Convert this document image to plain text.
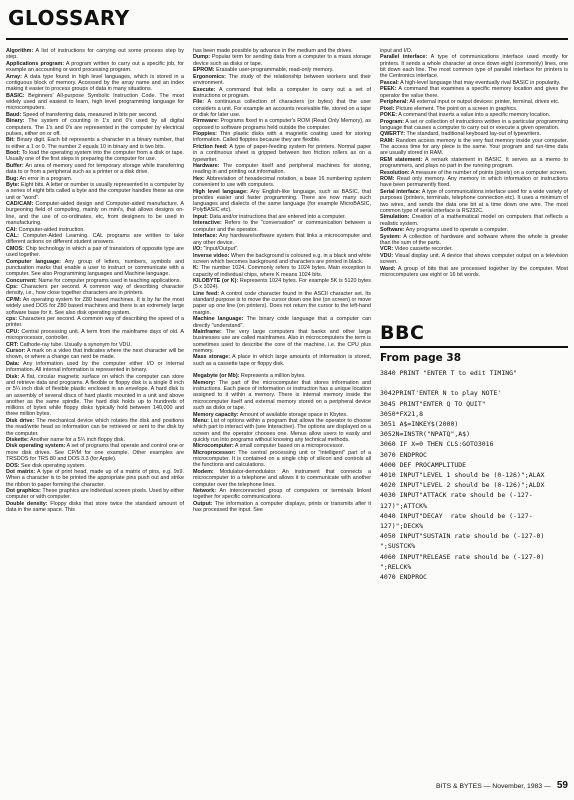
GLOSSARY
Algorithm: A list of instructions for carrying out some process step by step.
Applications program: A program written to carry out a specific job, for example an accounting or word processing program.
Array: A data type found in high level languages, which is stored in a contiguous block of memory. Accessed by the array name and an index making it easier to process groups of data in many situations.
BASIC: Beginners' All-purpose Symbolic Instruction Code. The most widely used and easiest to learn, high level programming language for microcomputers.
Baud: Speed of transferring data, measured in bits per second.
Binary: The system of counting in 1's and 0's used by all digital computers. The 1's and 0's are represented in the computer by electrical pulses, either on or off.
Bit: Binary digit. Each bit represents a character in a binary number, that is either a 1 or 0. The number 2 equals 10 in binary and is two bits.
Boot: To load the operating system into the computer from a disk or tape. Usually one of the first steps in preparing the computer for use.
Buffer: An area of memory used for temporary storage while transferring data to or from a peripheral such as a printer or a disk drive.
Bug: An error in a program.
Byte: Eight bits. A letter or number is usually represented in a computer by a series of eight bits called a byte and the computer handles these as one unit or "word".
CAD/CAM: Computer-aided design and Computer-aided manufacture. A burgeoning field of computing, mainly on mini's, that allows designs on-line, and the use of co-ordinates, etc, from designers to be used in manufacturing.
CAI: Computer-aided instruction.
CAL: Computer-Aided Learning. CAL programs are written to take different actions on different student answers.
CMOS: Chip technology in which a pair of transistors of opposite type are used together.
Computer language: Any group of letters, numbers, symbols and punctuation marks that enable a user to instruct or communicate with a computer. See also Programming languages and Machine language.
Concurrent: Name for computer programs used in teaching applications.
Cps: Characters per second. A common way of describing character density, i.e., how close together characters are in printers.
CP/M: An operating system for Z80 based machines. It is by far the most widely used DOS for Z80 based machines and there is an extremely large software base for it. See also disk operating system.
cps: Characters per second. A common way of describing the speed of a printer.
CPU: Central processing unit. A term from the mainframe days of old. A microprocessor, controller.
CRT: Cathode-ray tube. Usually a synonym for VDU.
Cursor: A mark on a video that indicates where the next character will be shown, or where a change can next be made.
Data: Any information used by the computer either I/O or internal information. All internal information is represented in binary.
Disk: A flat, circular magnetic surface on which the computer can store and retrieve data and programs. A flexible or floppy disk is a single 8 inch or 5¼ inch disk of flexible plastic enclosed in an envelope. A hard disk is an assembly of several discs of hard plastic mounted in a unit and above another as the same spindle. The hard disk holds up to hundreds of millions of bytes while floppy disks typically hold between 140,000 and three million bytes.
Disk drive: The mechanical device which rotates the disk and positions the read/write head so information can be retrieved or sent to the disk by the computer.
Diskette: Another name for a 5¼ inch floppy disk.
Disk operating system: A set of programs that operate and control one or more disk drives. See CP/M for one example. Other examples are TRSDOS for TRS 80 and DOS 3.3 (for Apple).
DOS: See disk operating system.
Dot matrix: A type of print head, made up of a matrix of pins, e.g. 9x9. When a character is to be printed the appropriate pins push out and strike the ribbon to paper forming the character.
Dot graphics: These graphics are individual screen pixels. Used by either computer or with computer.
Double density: Floppy disks that store twice the standard amount of data in the same space. This
has been made possible by advance in the medium and the drives.
Dump: Popular term for sending data from a computer to a mass storage device such as disks or tape.
EPROM: Erasable user-programmable, read-only memory.
Ergonomics: The study of the relationship between workers and their environment.
Execute: A command that tells a computer to carry out a set of instructions or program.
File: A continuous collection of characters (or bytes) that the user considers a unit. For example an accounts receivable file, stored on a tape or disk for later use.
Firmware: Programs fixed in a computer's ROM (Read Only Memory), as opposed to software programs held outside the computer.
Floppies: Thin plastic disks with a magnetic coating used for storing information. Called floppies because they are flexible.
Friction feed: A type of paper-feeding system for printers. Normal paper in a continuous sheet is gripped between two friction rollers as on a typewriter.
Hardware: The computer itself and peripheral machines for storing, reading in and printing out information.
Hex: Abbreviation of hexadecimal notation, a base 16 numbering system convenient to use with computers.
High level language: Any English-like language, such as BASIC, that provides easier and faster programming. There are now many such languages and dialects of the same language (for example MicroBASIC, PolyBASIC etc).
Input: Data and/or instructions that are entered into a computer.
Interactive: Refers to the "conversation" or communication between a computer and the operator.
Interface: Any hardware/software system that links a microcomputer and any other device.
I/O: "Input/Output".
Inverse video: When the background is coloured e.g. in a black and white screen which becomes background and characters are printed in black.
K: The number 1024. Commonly refers to 1024 bytes. Main exception is capacity of individual chips, where K means 1024 bits.
KILOBYTE (or K): Represents 1024 bytes. For example 5K is 5120 bytes (5 x 1024).
Line feed: A control code character found in the ASCII character set. Its standard purpose is to move the cursor down one line (on screen) or move paper up one line (on printers). Does not return the cursor to the left-hand margin.
Machine language: The binary code language that a computer can directly "understand".
Mainframe: The very large computers that banks and other large businesses use are called mainframes. Also in microcomputers the term is sometimes used to describe the core of the machine, i.e. the CPU plus memory.
Mass storage: A place in which large amounts of information is stored, such as a cassette tape or floppy disk.
Megabyte (or Mb): Represents a million bytes.
Memory: The part of the microcomputer that stores information and instructions. Each piece of information or instruction has a unique location assigned to it within a memory. There is internal memory inside the microcomputer itself and external memory stored on a peripheral device such as disks or tape.
Memory capacity: Amount of available storage space in Kbytes.
Menu: List of options within a program that allows the operator to choose which part to interact with (see Interactive). The options are displayed on a screen and the operator chooses one. Menus allow users to easily and quickly run into programs without knowing any technical methods.
Microcomputer: A small computer based on a microprocessor.
Microprocessor: The central processing unit or "intelligent" part of a microcomputer. It is contained on a single chip of silicon and controls all the functions and calculations.
Modem: Modulator-demodulator. An instrument that connects a microcomputer to a telephone and allows it to communicate with another computer over the telephone lines.
Network: An interconnected group of computers or terminals linked together for specific communications.
Output: The information a computer displays, prints or transmits after it has processed the input. See
input and I/O.
Parallel interface: A type of communications interface used mostly for printers. It sends a whole character at once down eight (commonly) lines, one bit down each line. The most common type of parallel interface for printers is the Centronics interface.
Pascal: A high-level language that may eventually rival BASIC in popularity.
PEEK: A command that examines a specific memory location and gives the operator the value there.
Peripheral: All external input or output devices: printer, terminal, drives etc.
Pixel: Picture element. The point on a screen in graphics.
POKE: A command that inserts a value into a specific memory location.
Program: A set or collection of instructions written in a particular programming language that causes a computer to carry out or execute a given operation.
QWERTY: The standard, traditional keyboard lay-out of typewriters.
RAM: Random access memory is the very fast memory inside your computer. The access time for any piece is the same. Your program and run-time data are usually stored in RAM.
REM statement: A remark statement in BASIC. It serves as a memo to programmers, and plays no part in the running program.
Resolution: A measure of the number of points (pixels) on a computer screen.
ROM: Read only memory. Any memory in which information or instructions have been permanently fixed.
Serial interface: A type of communications interface used for a wide variety of purposes (printers, terminals, telephone connection etc). It uses a minimum of two wires, and sends the data one bit at a time down one wire. The most common type of serial interface is RS232C.
Simulation: Creation of a mathematical model on computers that reflects a realistic system.
Software: Any programs used to operate a computer.
System: A collection of hardware and software where the whole is greater than the sum of the parts.
VCR: Video cassette recorder.
VDU: Visual display unit. A device that shows computer output on a television screen.
Word: A group of bits that are processed together by the computer. Most microcomputers use eight or 16 bit words.
BBC
From page 38
3840 PRINT "ENTER T to edit TIMING"

3042PRINT'ENTER N to play NOTE'
3045 PRINT"ENTER Q TO QUIT"
3050*FX21,8
3051 A$=INKEY$(2000)
3052N=INSTR("NPATQ",A$)
3060 IF X=0 THEN CLS:GOTO3016
3070 ENDPROC
4000 DEF PROCAMPLITUDE
4010 INPUT"LEVEL 1 should be (0-126)";ALAX
4020 INPUT"LEVEL 2 should be (0-126)";ALDX
4030 INPUT"ATTACK rate should be (-127-127)";ATTCK%
4040 INPUT"DECAY  rate should be (-127-127)";DECK%
4050 INPUT"SUSTAIN rate should be (-127-0) ";SUSTCK%
4060 INPUT"RELEASE rate should be (-127-0) ";RELCK%
4070 ENDPROC
BITS & BYTES — November, 1983 — 59
